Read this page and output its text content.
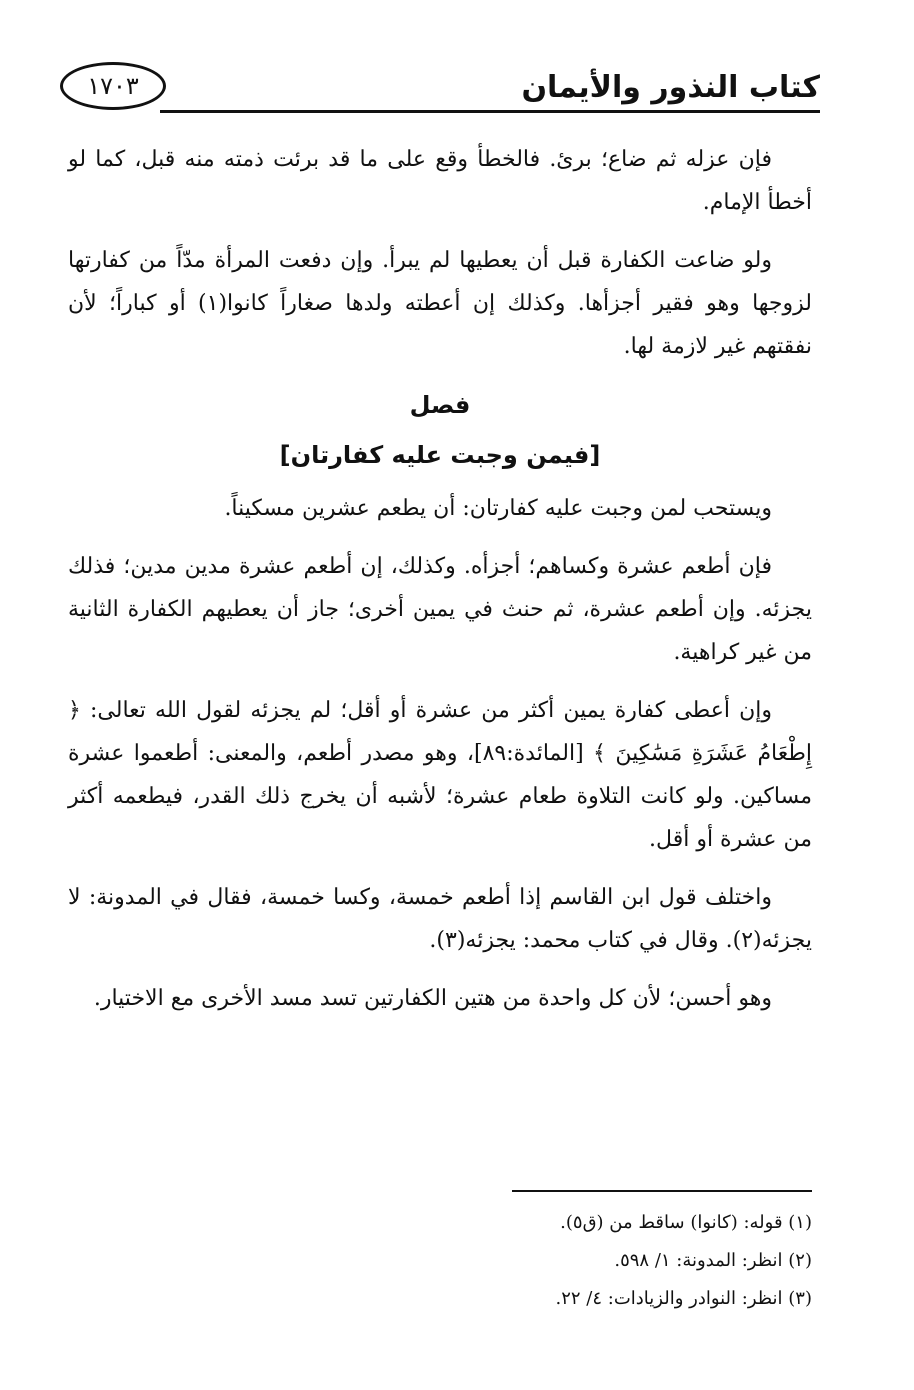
١٧٠٣	كتاب النذور والأيمان

فإن عزله ثم ضاع؛ برئ. فالخطأ وقع على ما قد برئت ذمته منه قبل، كما لو أخطأ الإمام.

ولو ضاعت الكفارة قبل أن يعطيها لم يبرأ. وإن دفعت المرأة مدّاً من كفارتها لزوجها وهو فقير أجزأها. وكذلك إن أعطته ولدها صغاراً كانوا(١) أو كباراً؛ لأن نفقتهم غير لازمة لها.

فصل
[فيمن وجبت عليه كفارتان]

ويستحب لمن وجبت عليه كفارتان: أن يطعم عشرين مسكيناً.

فإن أطعم عشرة وكساهم؛ أجزأه. وكذلك، إن أطعم عشرة مدين مدين؛ فذلك يجزئه. وإن أطعم عشرة، ثم حنث في يمين أخرى؛ جاز أن يعطيهم الكفارة الثانية من غير كراهية.

وإن أعطى كفارة يمين أكثر من عشرة أو أقل؛ لم يجزئه لقول الله تعالى: ﴿ إِطْعَامُ عَشَرَةِ مَسَٰكِينَ ﴾ [المائدة:٨٩]، وهو مصدر أطعم، والمعنى: أطعموا عشرة مساكين. ولو كانت التلاوة طعام عشرة؛ لأشبه أن يخرج ذلك القدر، فيطعمه أكثر من عشرة أو أقل.

واختلف قول ابن القاسم إذا أطعم خمسة، وكسا خمسة، فقال في المدونة: لا يجزئه(٢). وقال في كتاب محمد: يجزئه(٣).

وهو أحسن؛ لأن كل واحدة من هتين الكفارتين تسد مسد الأخرى مع الاختيار.

(١) قوله: (كانوا) ساقط من (ق٥).

(٢) انظر: المدونة: ١/ ٥٩٨.

(٣) انظر: النوادر والزيادات: ٤/ ٢٢.
